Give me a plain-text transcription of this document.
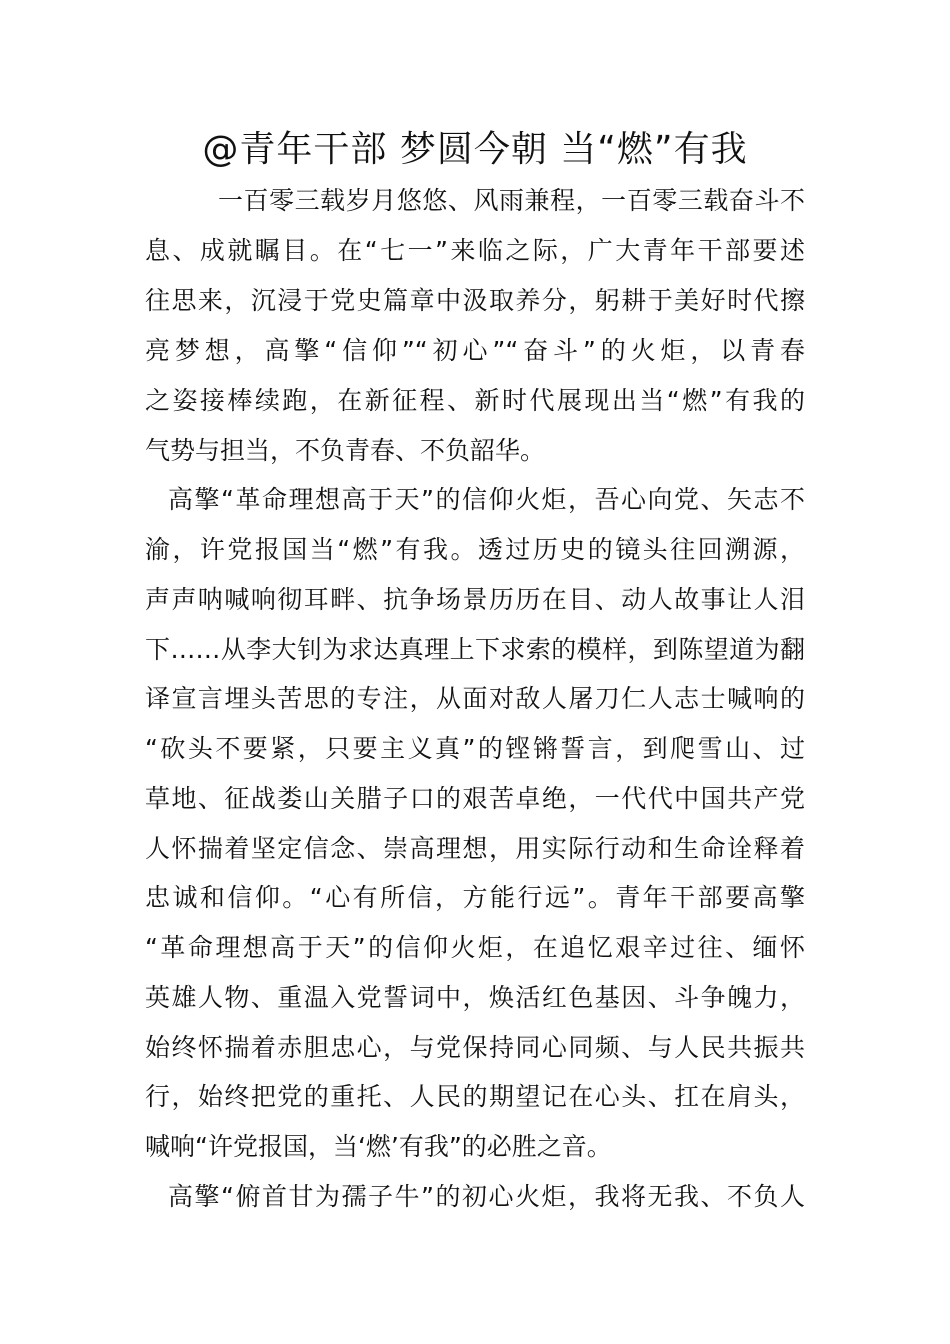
@青年干部 梦圆今朝 当“燃”有我
一百零三载岁月悠悠、风雨兼程，一百零三载奋斗不
息、成就瞩目。在“七一”来临之际，广大青年干部要述
往思来，沉浸于党史篇章中汲取养分，躬耕于美好时代擦
亮梦想，高擎“信仰”“初心”“奋斗”的火炬，以青春
之姿接棒续跑，在新征程、新时代展现出当“燃”有我的
气势与担当，不负青春、不负韶华。
高擎“革命理想高于天”的信仰火炬，吾心向党、矢志不
渝，许党报国当“燃”有我。透过历史的镜头往回溯源，
声声呐喊响彻耳畔、抗争场景历历在目、动人故事让人泪
下……从李大钊为求达真理上下求索的模样，到陈望道为翻
译宣言埋头苦思的专注，从面对敌人屠刀仁人志士喊响的
“砍头不要紧，只要主义真”的铿锵誓言，到爬雪山、过
草地、征战娄山关腊子口的艰苦卓绝，一代代中国共产党
人怀揣着坚定信念、崇高理想，用实际行动和生命诠释着
忠诚和信仰。“心有所信，方能行远”。青年干部要高擎
“革命理想高于天”的信仰火炬，在追忆艰辛过往、缅怀
英雄人物、重温入党誓词中，焕活红色基因、斗争魄力，
始终怀揣着赤胆忠心，与党保持同心同频、与人民共振共
行，始终把党的重托、人民的期望记在心头、扛在肩头，
喊响“许党报国，当‘燃’有我”的必胜之音。
高擎“俯首甘为孺子牛”的初心火炬，我将无我、不负人
